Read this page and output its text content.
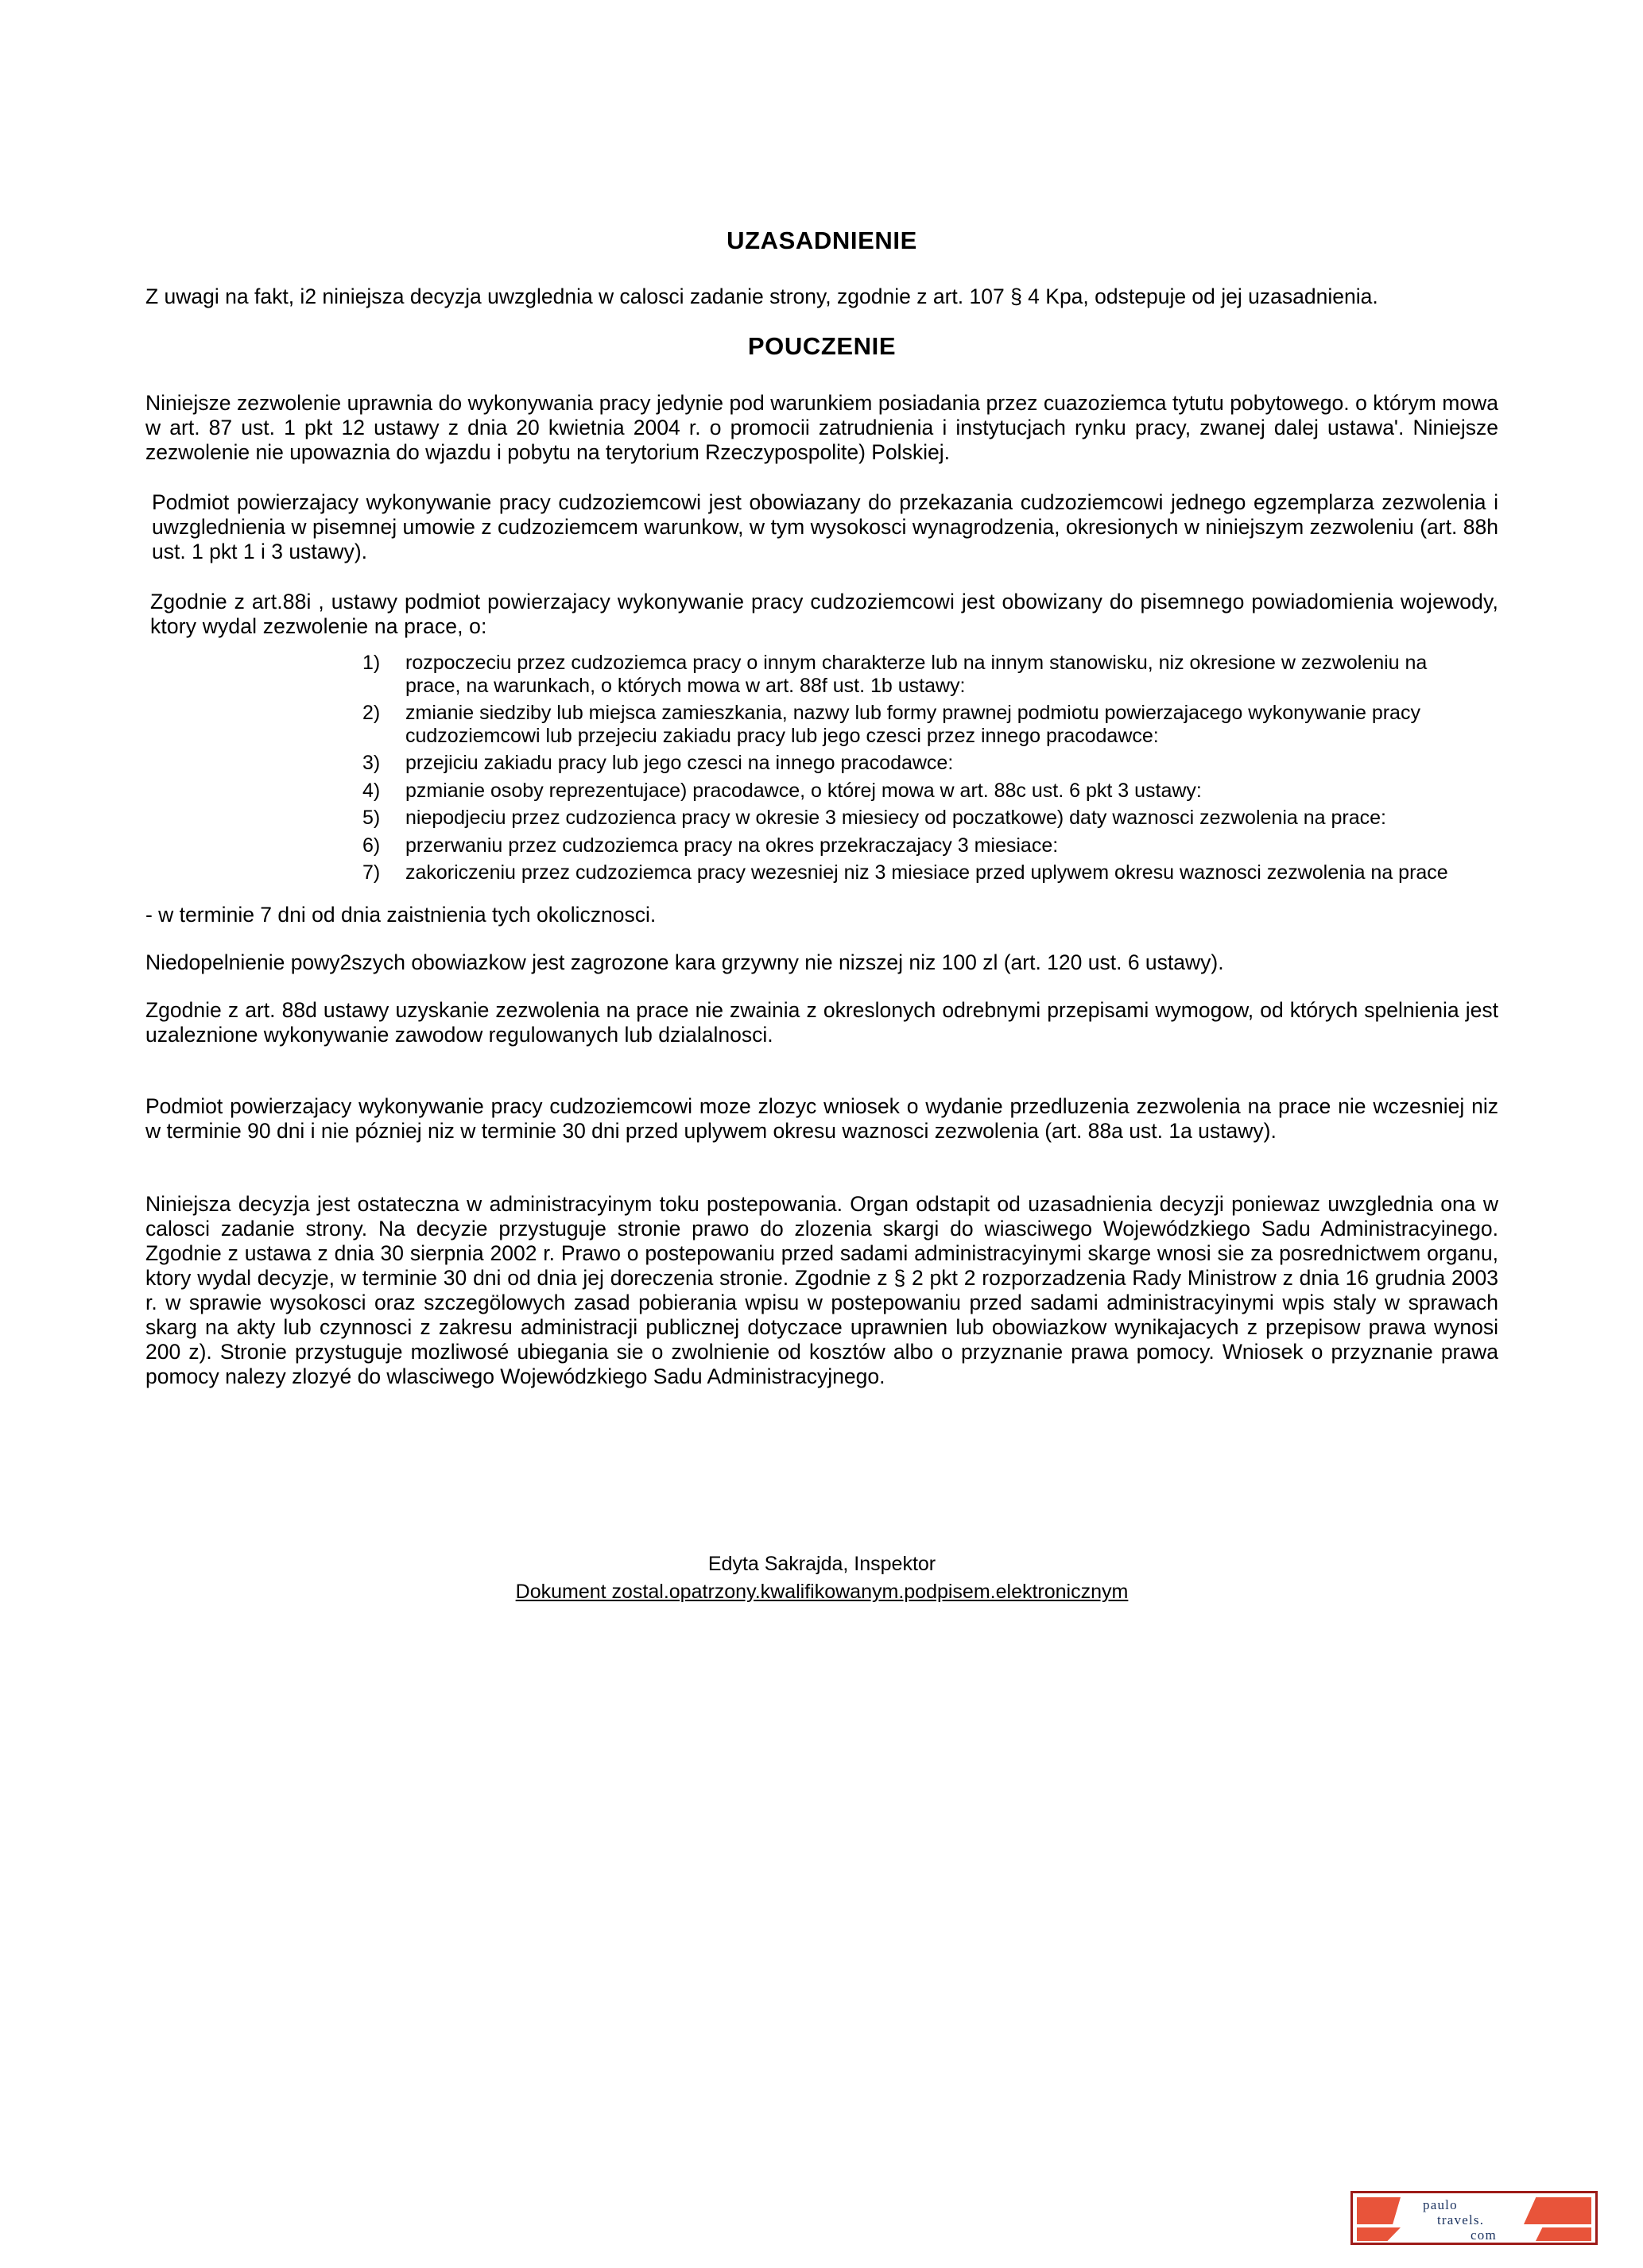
UZASADNIENIE

Z uwagi na fakt, i2 niniejsza decyzja uwzglednia w calosci zadanie strony, zgodnie z art. 107 § 4 Kpa, odstepuje od jej uzasadnienia.

POUCZENIE

Niniejsze zezwolenie uprawnia do wykonywania pracy jedynie pod warunkiem posiadania przez cuazoziemca tytutu pobytowego. o którym mowa w art. 87 ust. 1 pkt 12 ustawy z dnia 20 kwietnia 2004 r. o promocii zatrudnienia i instytucjach rynku pracy, zwanej dalej ustawa'. Niniejsze zezwolenie nie upowaznia do wjazdu i pobytu na terytorium Rzeczypospolite) Polskiej.

Podmiot powierzajacy wykonywanie pracy cudzoziemcowi jest obowiazany do przekazania cudzoziemcowi jednego egzemplarza zezwolenia i uwzglednienia w pisemnej umowie z cudzoziemcem warunkow, w tym wysokosci wynagrodzenia, okresionych w niniejszym zezwoleniu (art. 88h ust. 1 pkt 1 i 3 ustawy).

Zgodnie z art.88i , ustawy podmiot powierzajacy wykonywanie pracy cudzoziemcowi jest obowizany do pisemnego powiadomienia wojewody, ktory wydal zezwolenie na prace, o:

1)	rozpoczeciu przez cudzoziemca pracy o innym charakterze lub na innym stanowisku, niz okresione w zezwoleniu na prace, na warunkach, o których mowa w art. 88f ust. 1b ustawy:
2)	zmianie siedziby lub miejsca zamieszkania, nazwy lub formy prawnej podmiotu powierzajacego wykonywanie pracy cudzoziemcowi lub przejeciu zakiadu pracy lub jego czesci przez innego pracodawce:
3)	przejiciu zakiadu pracy lub jego czesci na innego pracodawce:
4)	pzmianie osoby reprezentujace) pracodawce, o której mowa w art. 88c ust. 6 pkt 3 ustawy:
5)	niepodjeciu przez cudzozienca pracy w okresie 3 miesiecy od poczatkowe) daty waznosci zezwolenia na prace:
6)	przerwaniu przez cudzoziemca pracy na okres przekraczajacy 3 miesiace:
7)	zakoriczeniu przez cudzoziemca pracy wezesniej niz 3 miesiace przed uplywem okresu waznosci zezwolenia na prace

- w terminie 7 dni od dnia zaistnienia tych okolicznosci.

Niedopelnienie powy2szych obowiazkow jest zagrozone kara grzywny nie nizszej niz 100 zl (art. 120 ust. 6 ustawy).

Zgodnie z art. 88d ustawy uzyskanie zezwolenia na prace nie zwainia z okreslonych odrebnymi przepisami wymogow, od których spelnienia jest uzaleznione wykonywanie zawodow regulowanych lub dzialalnosci.

Podmiot powierzajacy wykonywanie pracy cudzoziemcowi moze zlozyc wniosek o wydanie przedluzenia zezwolenia na prace nie wczesniej niz w terminie 90 dni i nie pózniej niz w terminie 30 dni przed uplywem okresu waznosci zezwolenia (art. 88a ust. 1a ustawy).

Niniejsza decyzja jest ostateczna w administracyinym toku postepowania. Organ odstapit od uzasadnienia decyzji poniewaz uwzglednia ona w calosci zadanie strony. Na decyzie przystuguje stronie prawo do zlozenia skargi do wiasciwego Wojewódzkiego Sadu Administracyinego. Zgodnie z ustawa z dnia 30 sierpnia 2002 r. Prawo o postepowaniu przed sadami administracyinymi skarge wnosi sie za posrednictwem organu, ktory wydal decyzje, w terminie 30 dni od dnia jej doreczenia stronie. Zgodnie z § 2 pkt 2 rozporzadzenia Rady Ministrow z dnia 16 grudnia 2003 r. w sprawie wysokosci oraz szczegölowych zasad pobierania wpisu w postepowaniu przed sadami administracyinymi wpis staly w sprawach skarg na akty lub czynnosci z zakresu administracji publicznej dotyczace uprawnien lub obowiazkow wynikajacych z przepisow prawa wynosi 200 z). Stronie przystuguje mozliwosé ubiegania sie o zwolnienie od kosztów albo o przyznanie prawa pomocy. Wniosek o przyznanie prawa pomocy nalezy zlozyé do wlasciwego Wojewódzkiego Sadu Administracyjnego.

Edyta Sakrajda, Inspektor
Dokument zostal.opatrzony.kwalifikowanym.podpisem.elektronicznym
paulo
travels.
com
